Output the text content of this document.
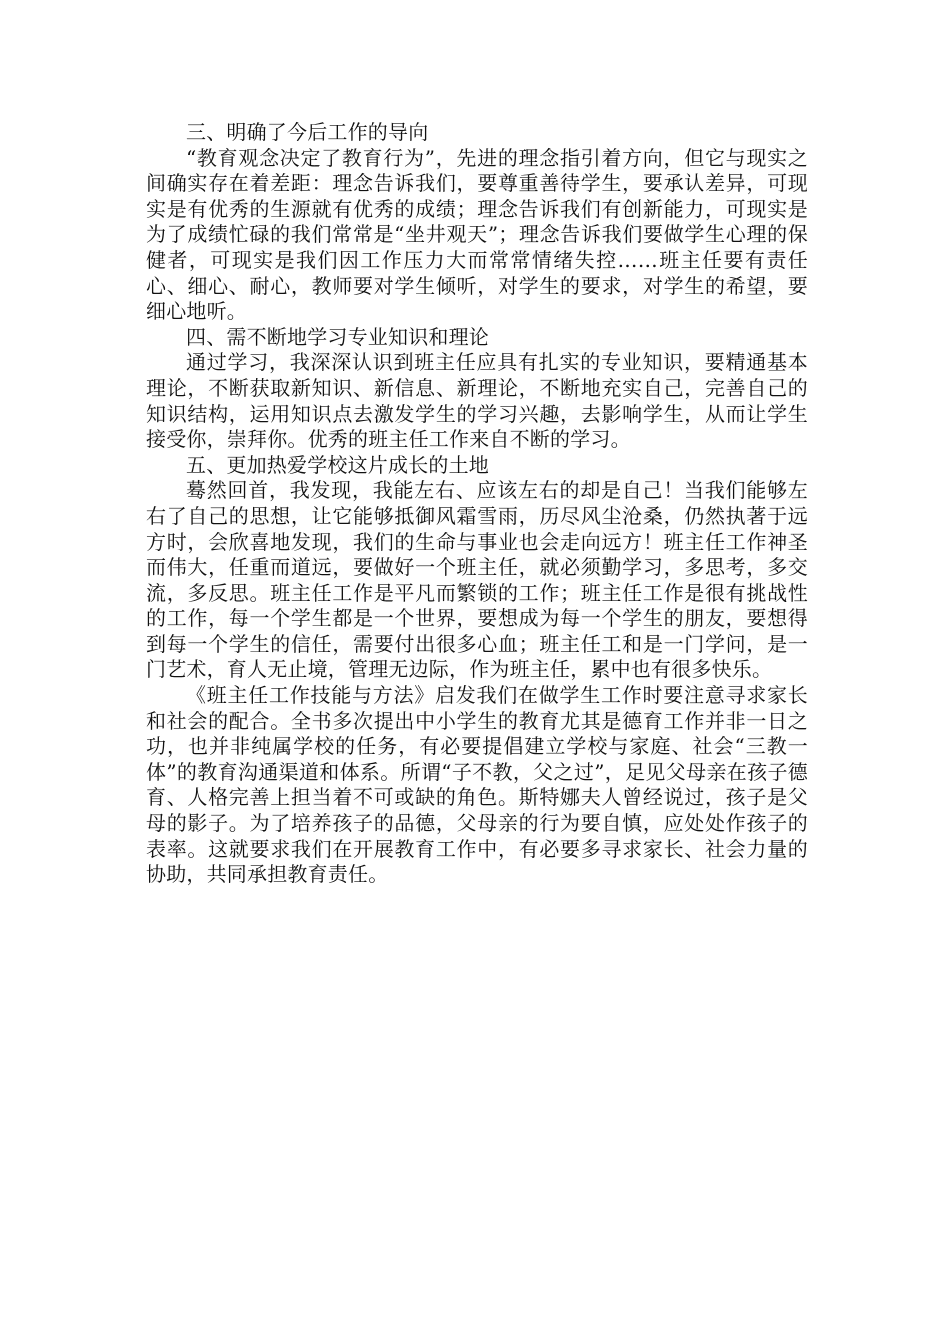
三、明确了今后工作的导向

“教育观念决定了教育行为”，先进的理念指引着方向，但它与现实之间确实存在着差距：理念告诉我们，要尊重善待学生，要承认差异，可现实是有优秀的生源就有优秀的成绩；理念告诉我们有创新能力，可现实是为了成绩忙碌的我们常常是“坐井观天”；理念告诉我们要做学生心理的保健者，可现实是我们因工作压力大而常常情绪失控……班主任要有责任心、细心、耐心，教师要对学生倾听，对学生的要求，对学生的希望，要细心地听。

四、需不断地学习专业知识和理论

通过学习，我深深认识到班主任应具有扎实的专业知识，要精通基本理论，不断获取新知识、新信息、新理论，不断地充实自己，完善自己的知识结构，运用知识点去激发学生的学习兴趣，去影响学生，从而让学生接受你，崇拜你。优秀的班主任工作来自不断的学习。

五、更加热爱学校这片成长的土地

蓦然回首，我发现，我能左右、应该左右的却是自己！当我们能够左右了自己的思想，让它能够抵御风霜雪雨，历尽风尘沧桑，仍然执著于远方时，会欣喜地发现，我们的生命与事业也会走向远方！班主任工作神圣而伟大，任重而道远，要做好一个班主任，就必须勤学习，多思考，多交流，多反思。班主任工作是平凡而繁锁的工作；班主任工作是很有挑战性的工作，每一个学生都是一个世界，要想成为每一个学生的朋友，要想得到每一个学生的信任，需要付出很多心血；班主任工和是一门学问，是一门艺术，育人无止境，管理无边际，作为班主任，累中也有很多快乐。

《班主任工作技能与方法》启发我们在做学生工作时要注意寻求家长和社会的配合。全书多次提出中小学生的教育尤其是德育工作并非一日之功，也并非纯属学校的任务，有必要提倡建立学校与家庭、社会“三教一体”的教育沟通渠道和体系。所谓“子不教，父之过”，足见父母亲在孩子德育、人格完善上担当着不可或缺的角色。斯特娜夫人曾经说过，孩子是父母的影子。为了培养孩子的品德，父母亲的行为要自慎，应处处作孩子的表率。这就要求我们在开展教育工作中，有必要多寻求家长、社会力量的协助，共同承担教育责任。
